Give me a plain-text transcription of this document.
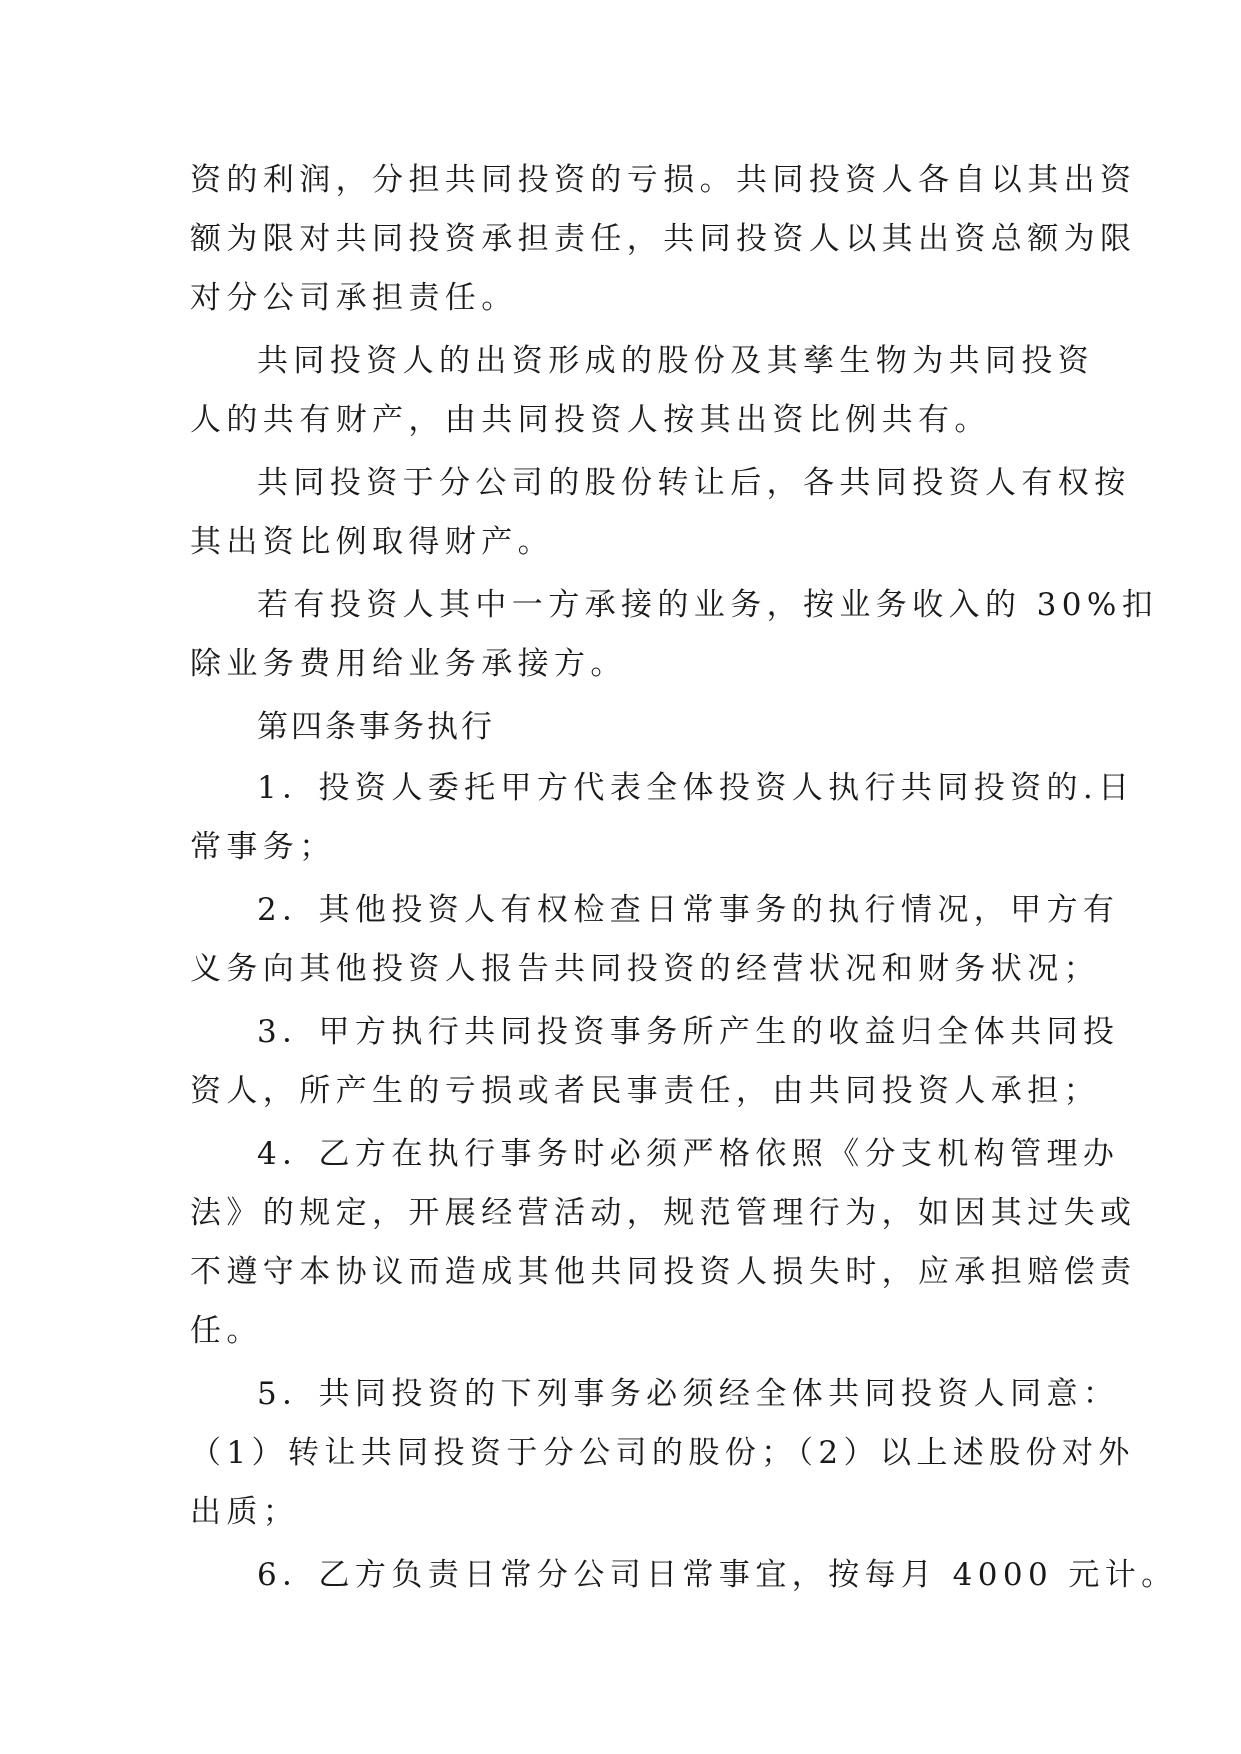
资的利润，分担共同投资的亏损。共同投资人各自以其出资
额为限对共同投资承担责任，共同投资人以其出资总额为限
对分公司承担责任。
共同投资人的出资形成的股份及其孳生物为共同投资
人的共有财产，由共同投资人按其出资比例共有。
共同投资于分公司的股份转让后，各共同投资人有权按
其出资比例取得财产。
若有投资人其中一方承接的业务，按业务收入的 30%扣
除业务费用给业务承接方。
第四条事务执行
1．投资人委托甲方代表全体投资人执行共同投资的.日
常事务；
2．其他投资人有权检查日常事务的执行情况，甲方有
义务向其他投资人报告共同投资的经营状况和财务状况；
3．甲方执行共同投资事务所产生的收益归全体共同投
资人，所产生的亏损或者民事责任，由共同投资人承担；
4．乙方在执行事务时必须严格依照《分支机构管理办
法》的规定，开展经营活动，规范管理行为，如因其过失或
不遵守本协议而造成其他共同投资人损失时，应承担赔偿责
任。
5．共同投资的下列事务必须经全体共同投资人同意：
（1）转让共同投资于分公司的股份；（2）以上述股份对外
出质；
6．乙方负责日常分公司日常事宜，按每月 4000 元计。
